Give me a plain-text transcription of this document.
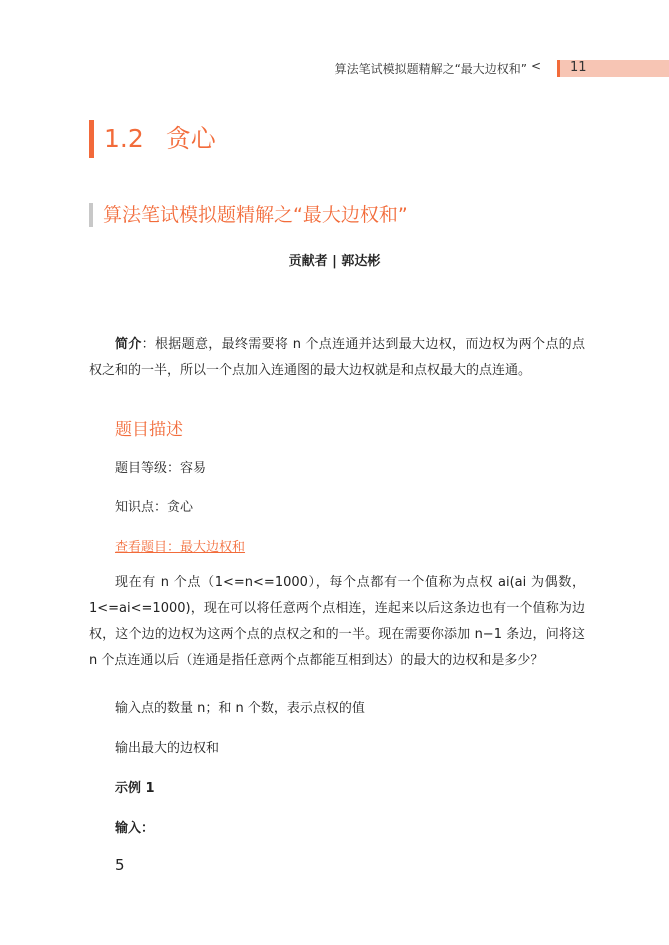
算法笔试模拟题精解之“最大边权和” < 11
1.2 贪心
算法笔试模拟题精解之“最大边权和”
贡献者 | 郭达彬

简介：根据题意，最终需要将 n 个点连通并达到最大边权，而边权为两个点的点权之和的一半，所以一个点加入连通图的最大边权就是和点权最大的点连通。

题目描述
题目等级：容易
知识点：贪心
查看题目：最大边权和

现在有 n 个点（1<=n<=1000），每个点都有一个值称为点权 ai(ai 为偶数，1<=ai<=1000)，现在可以将任意两个点相连，连起来以后这条边也有一个值称为边权，这个边的边权为这两个点的点权之和的一半。现在需要你添加 n−1 条边，问将这 n 个点连通以后（连通是指任意两个点都能互相到达）的最大的边权和是多少？

输入点的数量 n；和 n 个数，表示点权的值
输出最大的边权和
示例 1
输入：
5
